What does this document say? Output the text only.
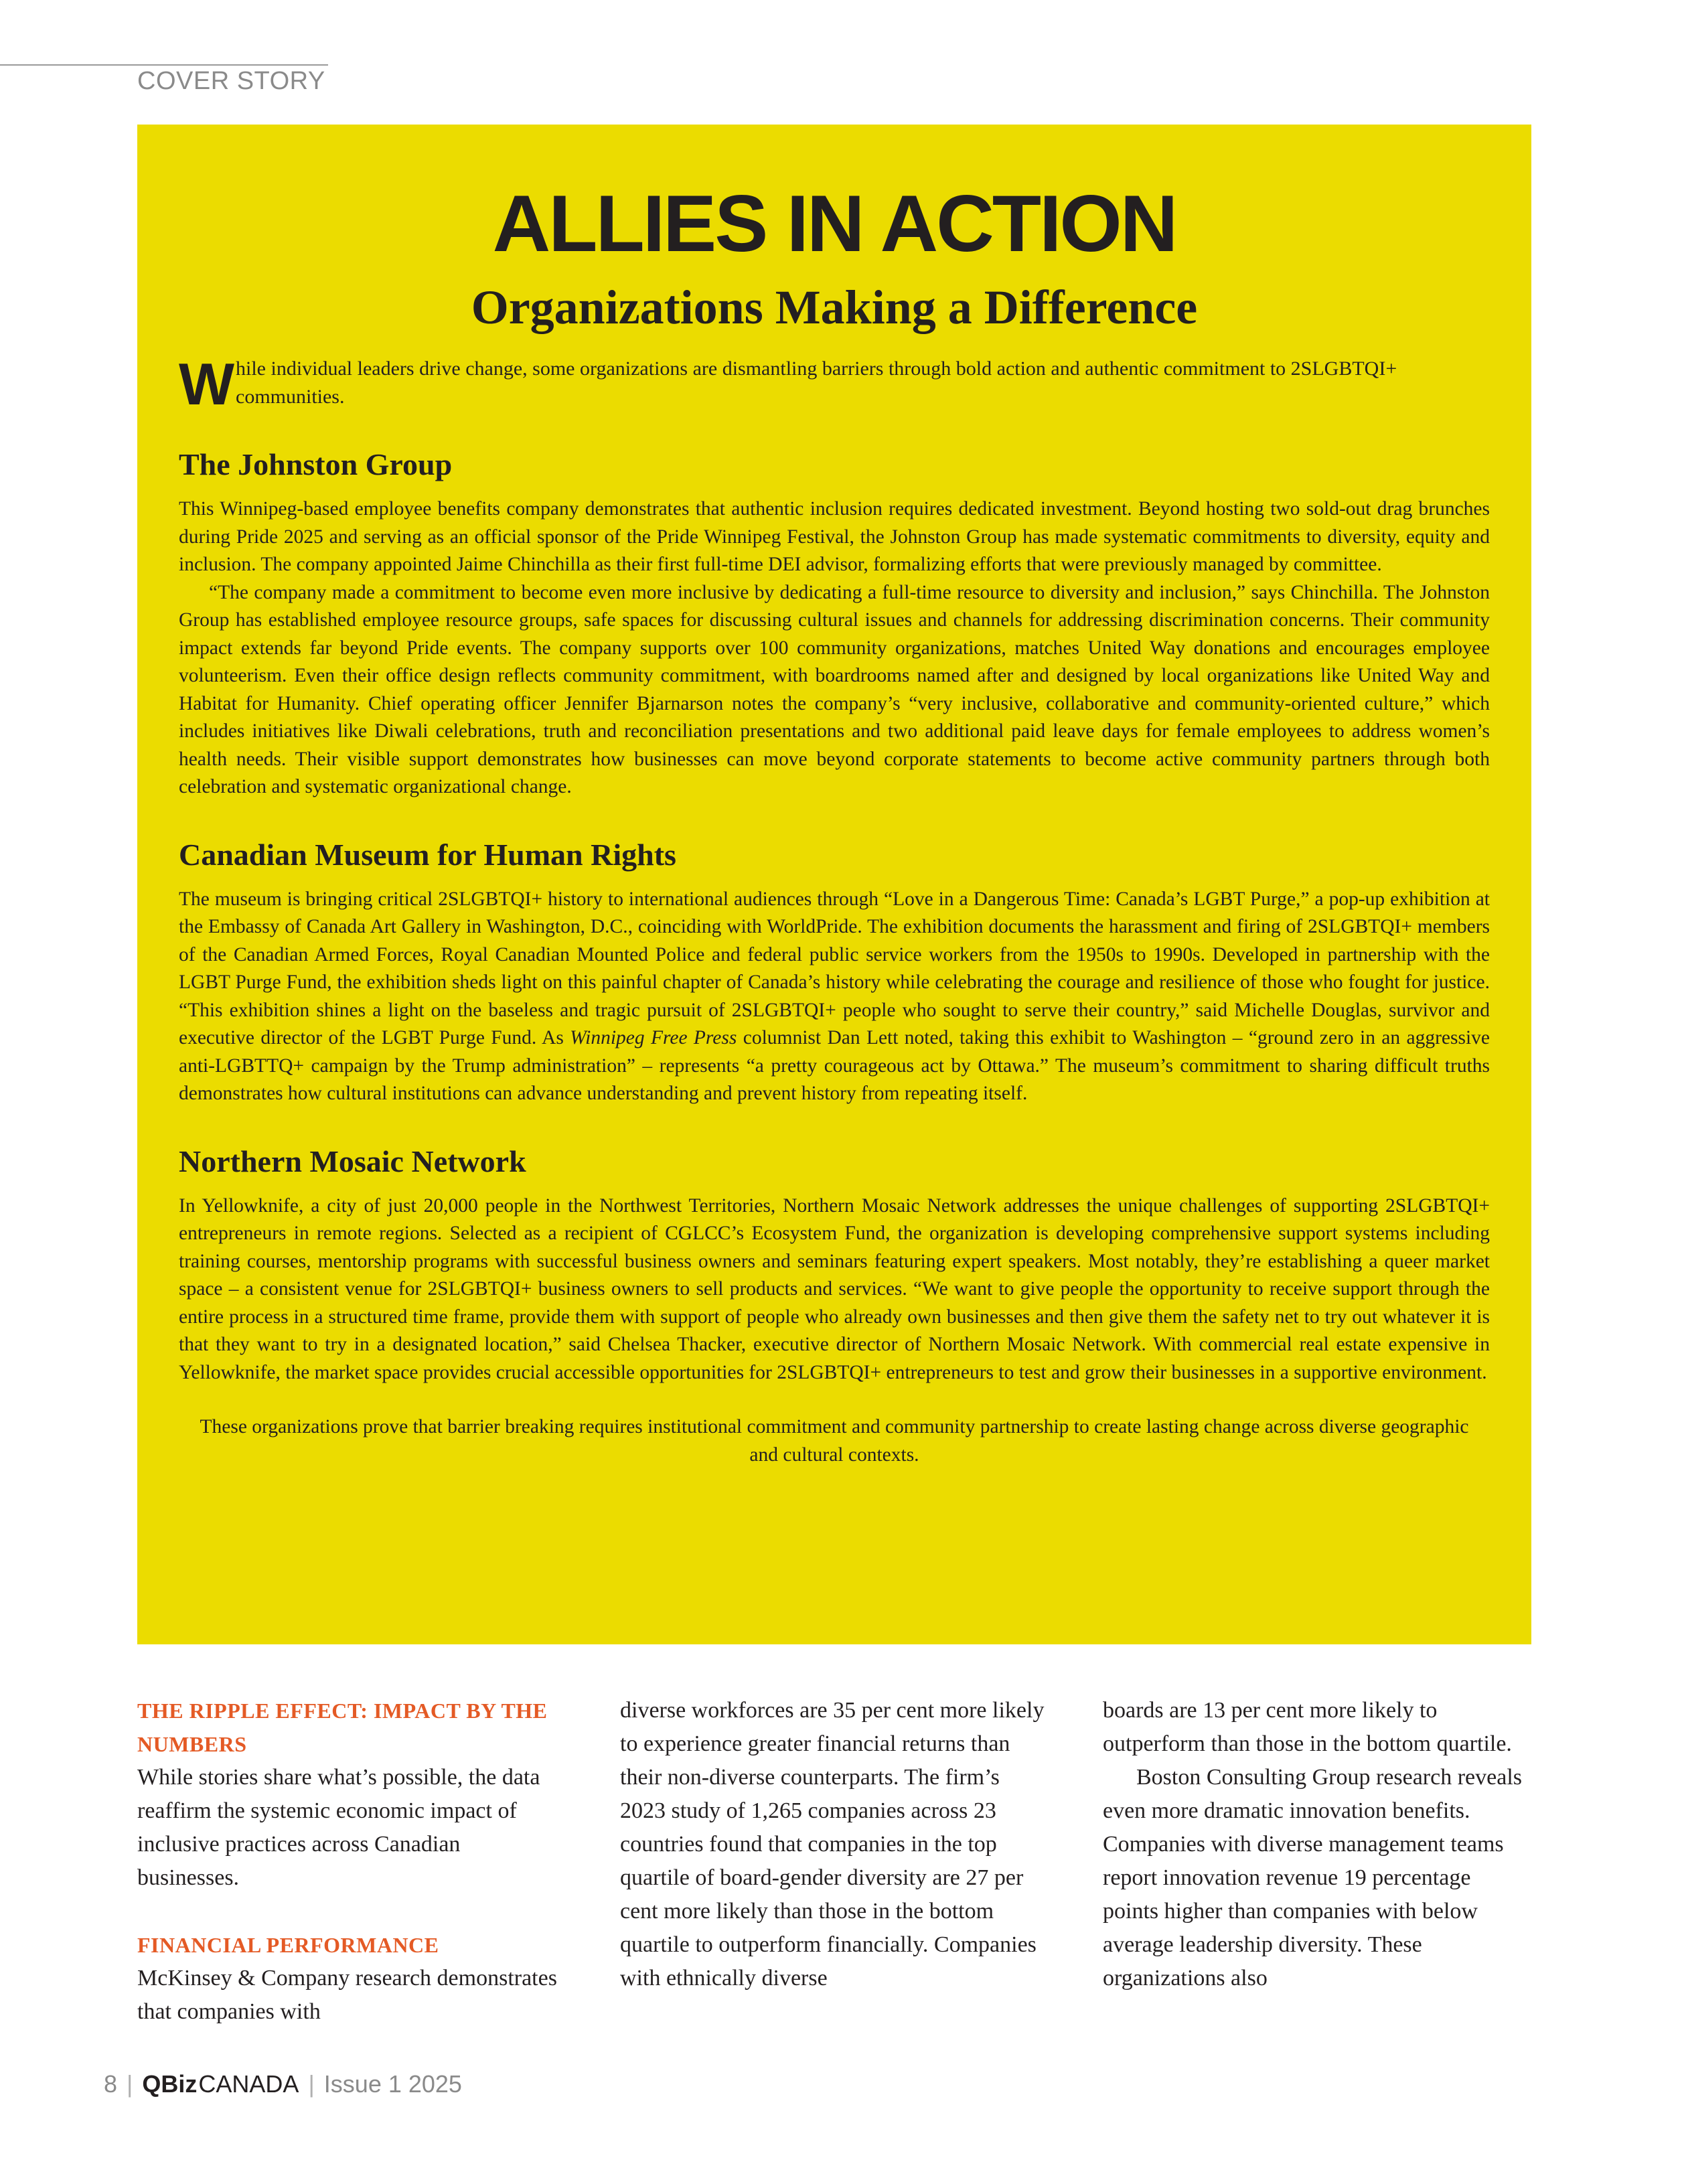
COVER STORY
ALLIES IN ACTION
Organizations Making a Difference
W hile individual leaders drive change, some organizations are dismantling barriers through bold action and authentic commitment to 2SLGBTQI+ communities.
The Johnston Group

This Winnipeg-based employee benefits company demonstrates that authentic inclusion requires dedicated investment. Beyond hosting two sold-out drag brunches during Pride 2025 and serving as an official sponsor of the Pride Winnipeg Festival, the Johnston Group has made systematic commitments to diversity, equity and inclusion. The company appointed Jaime Chinchilla as their first full-time DEI advisor, formalizing efforts that were previously managed by committee.

“The company made a commitment to become even more inclusive by dedicating a full-time resource to diversity and inclusion,” says Chinchilla. The Johnston Group has established employee resource groups, safe spaces for discussing cultural issues and channels for addressing discrimination concerns. Their community impact extends far beyond Pride events. The company supports over 100 community organizations, matches United Way donations and encourages employee volunteerism. Even their office design reflects community commitment, with boardrooms named after and designed by local organizations like United Way and Habitat for Humanity. Chief operating officer Jennifer Bjarnarson notes the company’s “very inclusive, collaborative and community-oriented culture,” which includes initiatives like Diwali celebrations, truth and reconciliation presentations and two additional paid leave days for female employees to address women’s health needs. Their visible support demonstrates how businesses can move beyond corporate statements to become active community partners through both celebration and systematic organizational change.

Canadian Museum for Human Rights

The museum is bringing critical 2SLGBTQI+ history to international audiences through “Love in a Dangerous Time: Canada’s LGBT Purge,” a pop-up exhibition at the Embassy of Canada Art Gallery in Washington, D.C., coinciding with WorldPride. The exhibition documents the harassment and firing of 2SLGBTQI+ members of the Canadian Armed Forces, Royal Canadian Mounted Police and federal public service workers from the 1950s to 1990s. Developed in partnership with the LGBT Purge Fund, the exhibition sheds light on this painful chapter of Canada’s history while celebrating the courage and resilience of those who fought for justice. “This exhibition shines a light on the baseless and tragic pursuit of 2SLGBTQI+ people who sought to serve their country,” said Michelle Douglas, survivor and executive director of the LGBT Purge Fund. As Winnipeg Free Press columnist Dan Lett noted, taking this exhibit to Washington – “ground zero in an aggressive anti-LGBTTQ+ campaign by the Trump administration” – represents “a pretty courageous act by Ottawa.” The museum’s commitment to sharing difficult truths demonstrates how cultural institutions can advance understanding and prevent history from repeating itself.

Northern Mosaic Network

In Yellowknife, a city of just 20,000 people in the Northwest Territories, Northern Mosaic Network addresses the unique challenges of supporting 2SLGBTQI+ entrepreneurs in remote regions. Selected as a recipient of CGLCC’s Ecosystem Fund, the organization is developing comprehensive support systems including training courses, mentorship programs with successful business owners and seminars featuring expert speakers. Most notably, they’re establishing a queer market space – a consistent venue for 2SLGBTQI+ business owners to sell products and services. “We want to give people the opportunity to receive support through the entire process in a structured time frame, provide them with support of people who already own businesses and then give them the safety net to try out whatever it is that they want to try in a designated location,” said Chelsea Thacker, executive director of Northern Mosaic Network. With commercial real estate expensive in Yellowknife, the market space provides crucial accessible opportunities for 2SLGBTQI+ entrepreneurs to test and grow their businesses in a supportive environment.

These organizations prove that barrier breaking requires institutional commitment and community partnership to create lasting change across diverse geographic and cultural contexts.

THE RIPPLE EFFECT: IMPACT BY THE NUMBERS

While stories share what’s possible, the data reaffirm the systemic economic impact of inclusive practices across Canadian businesses.

FINANCIAL PERFORMANCE

McKinsey & Company research demonstrates that companies with

diverse workforces are 35 per cent more likely to experience greater financial returns than their non-diverse counterparts. The firm’s 2023 study of 1,265 companies across 23 countries found that companies in the top quartile of board-gender diversity are 27 per cent more likely than those in the bottom quartile to outperform financially. Companies with ethnically diverse

boards are 13 per cent more likely to outperform than those in the bottom quartile.

Boston Consulting Group research reveals even more dramatic innovation benefits. Companies with diverse management teams report innovation revenue 19 percentage points higher than companies with below average leadership diversity. These organizations also

8 | QBiz CANADA | Issue 1 2025
